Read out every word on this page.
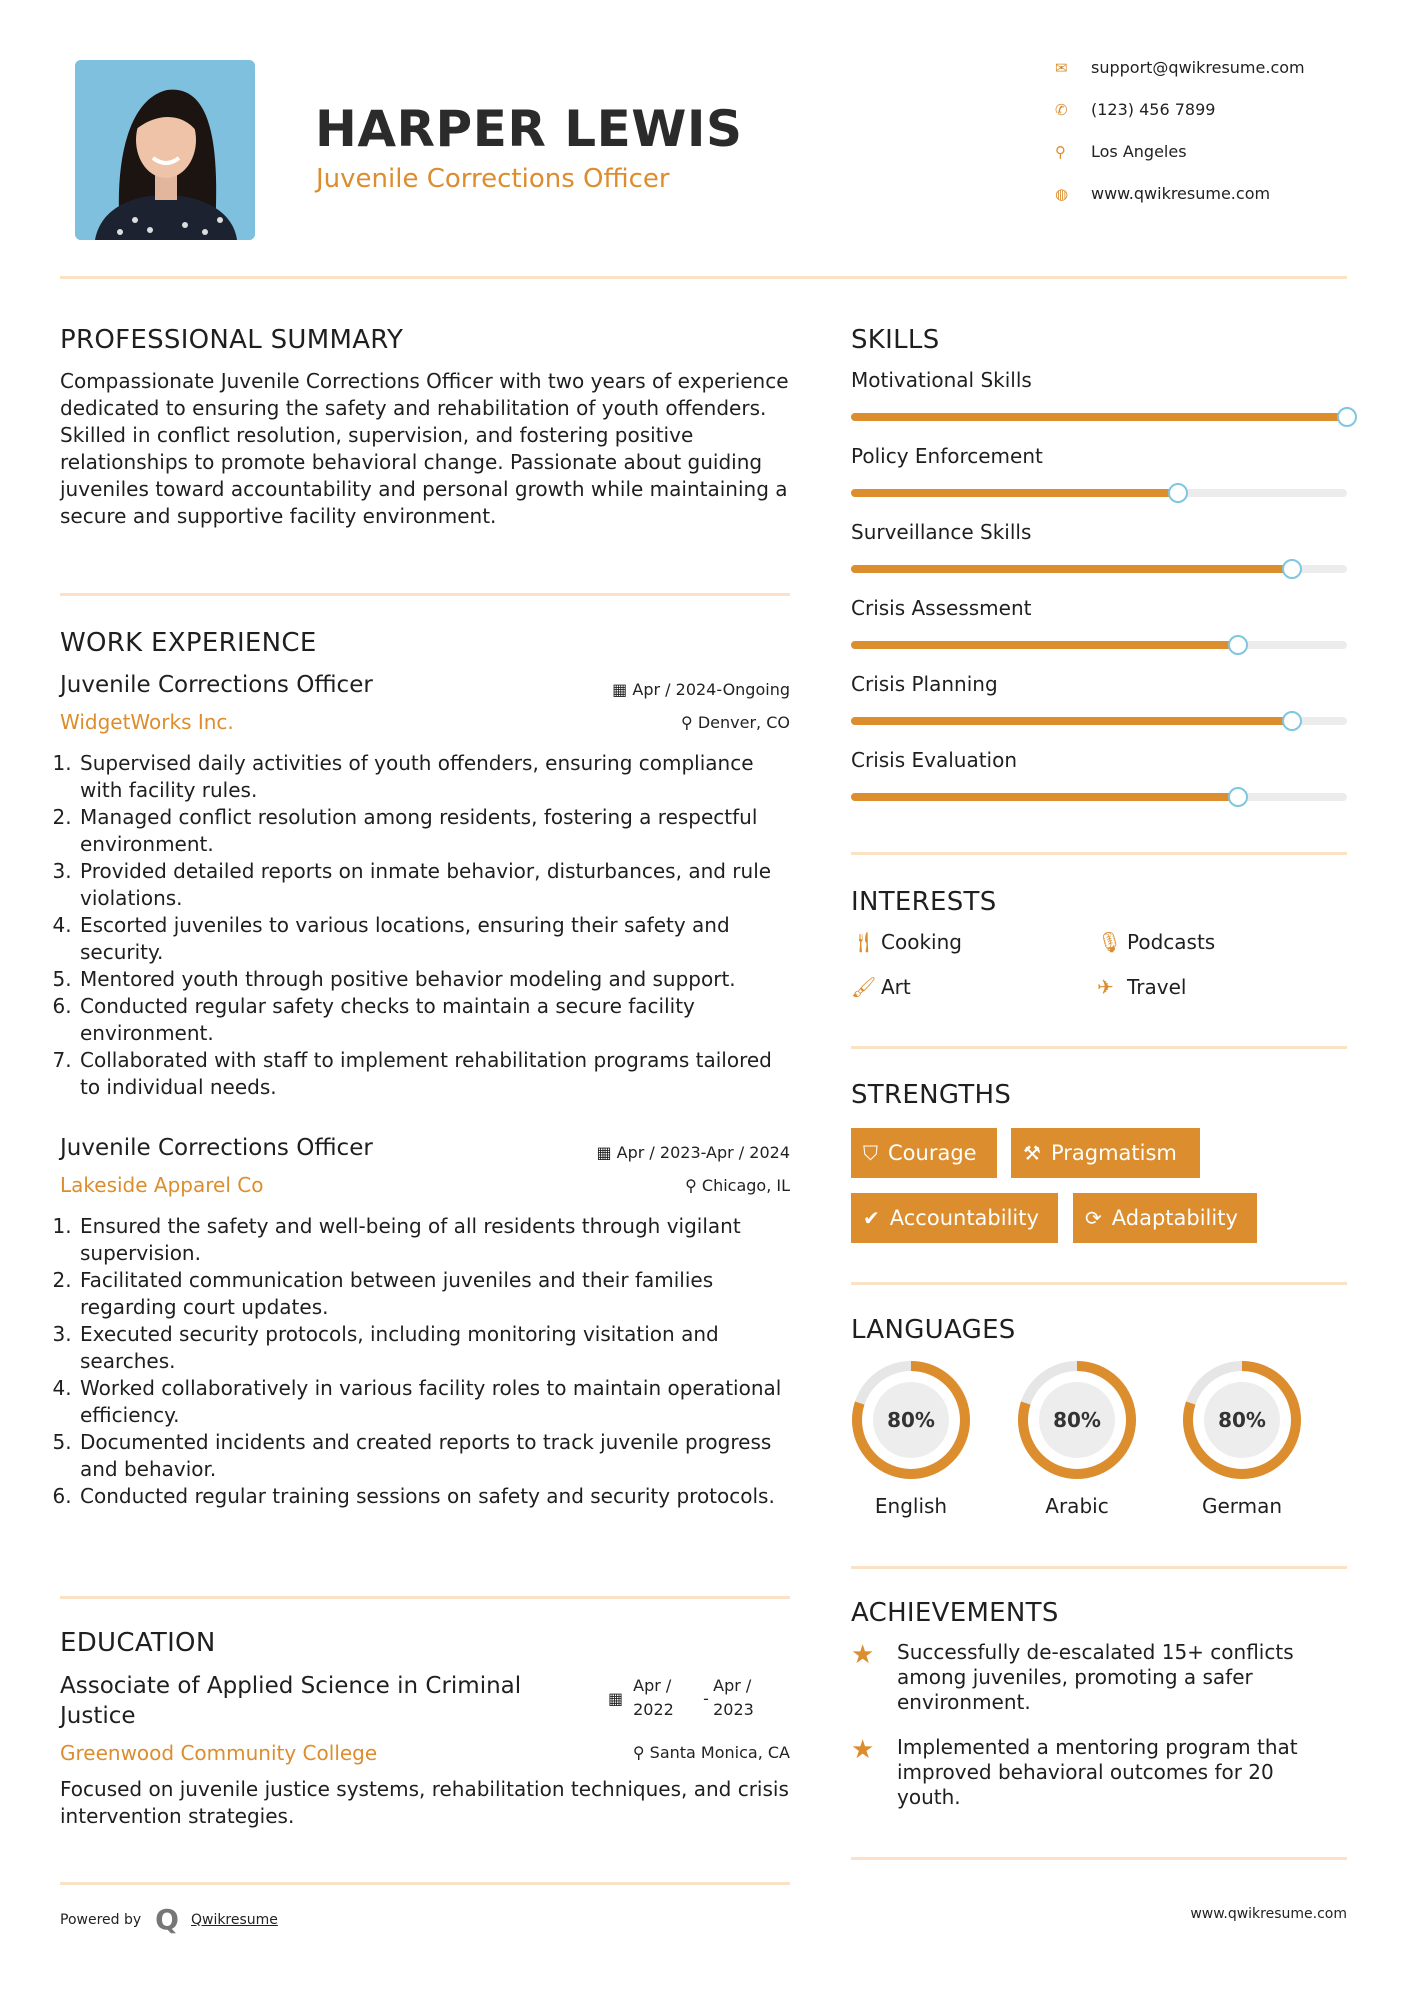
HARPER LEWIS
Juvenile Corrections Officer
✉	support@qwikresume.com
✆	(123) 456 7899
⚲	Los Angeles
◍	www.qwikresume.com
PROFESSIONAL SUMMARY
Compassionate Juvenile Corrections Officer with two years of experience dedicated to ensuring the safety and rehabilitation of youth offenders. Skilled in conflict resolution, supervision, and fostering positive relationships to promote behavioral change. Passionate about guiding juveniles toward accountability and personal growth while maintaining a secure and supportive facility environment.
WORK EXPERIENCE
Juvenile Corrections Officer	▦ Apr / 2024-Ongoing
WidgetWorks Inc.	⚲ Denver, CO
1. Supervised daily activities of youth offenders, ensuring compliance with facility rules.
2. Managed conflict resolution among residents, fostering a respectful environment.
3. Provided detailed reports on inmate behavior, disturbances, and rule violations.
4. Escorted juveniles to various locations, ensuring their safety and security.
5. Mentored youth through positive behavior modeling and support.
6. Conducted regular safety checks to maintain a secure facility environment.
7. Collaborated with staff to implement rehabilitation programs tailored to individual needs.
Juvenile Corrections Officer	▦ Apr / 2023-Apr / 2024
Lakeside Apparel Co	⚲ Chicago, IL
1. Ensured the safety and well-being of all residents through vigilant supervision.
2. Facilitated communication between juveniles and their families regarding court updates.
3. Executed security protocols, including monitoring visitation and searches.
4. Worked collaboratively in various facility roles to maintain operational efficiency.
5. Documented incidents and created reports to track juvenile progress and behavior.
6. Conducted regular training sessions on safety and security protocols.
EDUCATION
Associate of Applied Science in Criminal Justice
▦
Apr / 2022
-
Apr / 2023
Greenwood Community College	⚲ Santa Monica, CA
Focused on juvenile justice systems, rehabilitation techniques, and crisis intervention strategies.
SKILLS
Motivational Skills
Policy Enforcement
Surveillance Skills
Crisis Assessment
Crisis Planning
Crisis Evaluation
INTERESTS
🍴︎ Cooking	🎙︎ Podcasts
🖌︎ Art	✈ Travel
STRENGTHS
⛉ Courage ⚒ Pragmatism
✔ Accountability ⟳ Adaptability
LANGUAGES
80%
English
80%
Arabic
80%
German
ACHIEVEMENTS
★	Successfully de-escalated 15+ conflicts among juveniles, promoting a safer environment.
★	Implemented a mentoring program that improved behavioral outcomes for 20 youth.
Powered by Q Qwikresume	www.qwikresume.com
